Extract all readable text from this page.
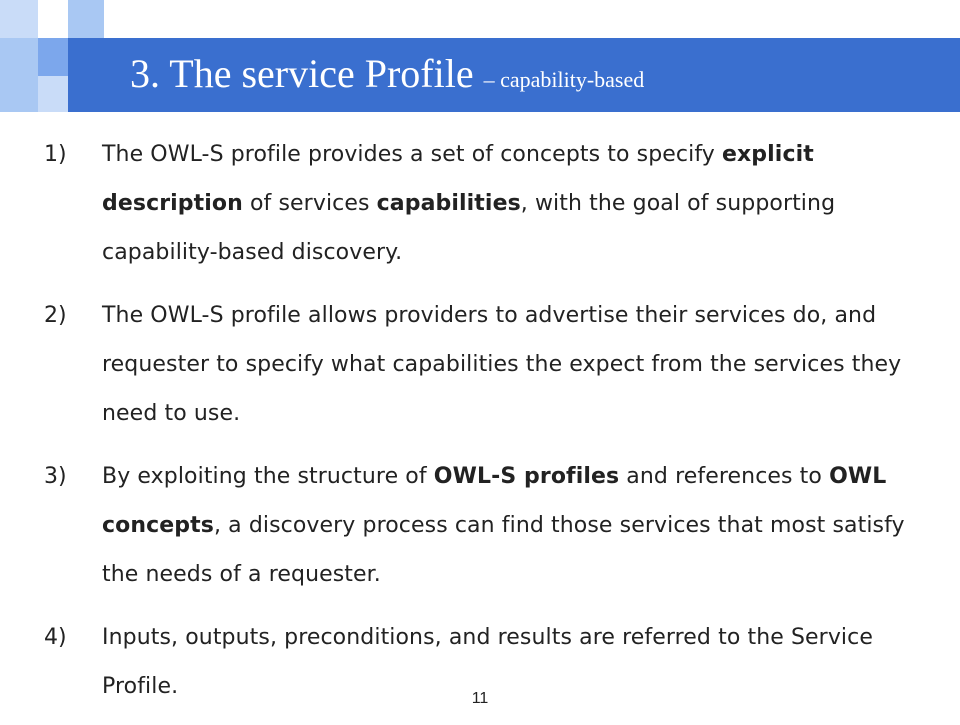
3. The service Profile – capability-based
1)	The OWL-S profile provides a set of concepts to specify explicit description of services capabilities, with the goal of supporting capability-based discovery.
2)	The OWL-S profile allows providers to advertise their services do, and requester to specify what capabilities the expect from the services they need to use.
3)	By exploiting the structure of OWL-S profiles and references to OWL concepts, a discovery process can find those services that most satisfy the needs of a requester.
4)	Inputs, outputs, preconditions, and results are referred to the Service Profile.	11
